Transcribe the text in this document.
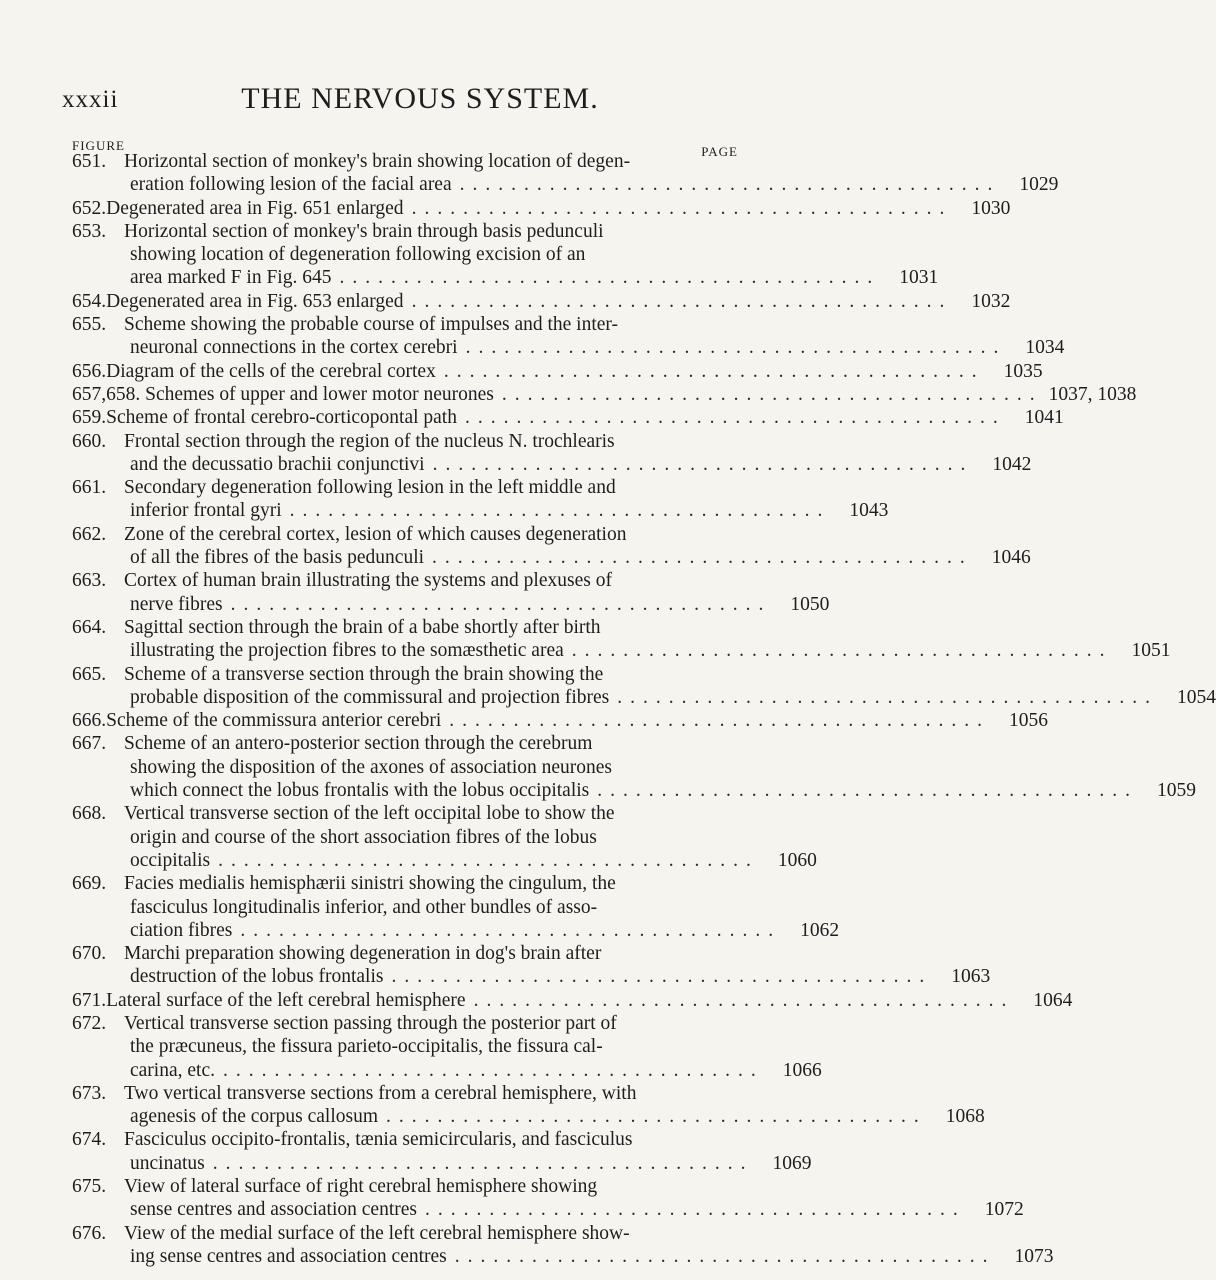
xxxii	THE NERVOUS SYSTEM.
FIGURE	PAGE
651. Horizontal section of monkey's brain showing location of degen-
eration following lesion of the facial area .......................................... 1029
652. Degenerated area in Fig. 651 enlarged .......................................... 1030
653. Horizontal section of monkey's brain through basis pedunculi
showing location of degeneration following excision of an
area marked F in Fig. 645 .......................................... 1031
654. Degenerated area in Fig. 653 enlarged .......................................... 1032
655. Scheme showing the probable course of impulses and the inter-
neuronal connections in the cortex cerebri .......................................... 1034
656. Diagram of the cells of the cerebral cortex .......................................... 1035
657, 658. Schemes of upper and lower motor neurones .......................................... 1037, 1038
659. Scheme of frontal cerebro-corticopontal path .......................................... 1041
660. Frontal section through the region of the nucleus N. trochlearis
and the decussatio brachii conjunctivi .......................................... 1042
661. Secondary degeneration following lesion in the left middle and
inferior frontal gyri .......................................... 1043
662. Zone of the cerebral cortex, lesion of which causes degeneration
of all the fibres of the basis pedunculi .......................................... 1046
663. Cortex of human brain illustrating the systems and plexuses of
nerve fibres .......................................... 1050
664. Sagittal section through the brain of a babe shortly after birth
illustrating the projection fibres to the somæsthetic area .......................................... 1051
665. Scheme of a transverse section through the brain showing the
probable disposition of the commissural and projection fibres .......................................... 1054
666. Scheme of the commissura anterior cerebri .......................................... 1056
667. Scheme of an antero-posterior section through the cerebrum
showing the disposition of the axones of association neurones
which connect the lobus frontalis with the lobus occipitalis .......................................... 1059
668. Vertical transverse section of the left occipital lobe to show the
origin and course of the short association fibres of the lobus
occipitalis .......................................... 1060
669. Facies medialis hemisphærii sinistri showing the cingulum, the
fasciculus longitudinalis inferior, and other bundles of asso-
ciation fibres .......................................... 1062
670. Marchi preparation showing degeneration in dog's brain after
destruction of the lobus frontalis .......................................... 1063
671. Lateral surface of the left cerebral hemisphere .......................................... 1064
672. Vertical transverse section passing through the posterior part of
the præcuneus, the fissura parieto-occipitalis, the fissura cal-
carina, etc. .......................................... 1066
673. Two vertical transverse sections from a cerebral hemisphere, with
agenesis of the corpus callosum .......................................... 1068
674. Fasciculus occipito-frontalis, tænia semicircularis, and fasciculus
uncinatus .......................................... 1069
675. View of lateral surface of right cerebral hemisphere showing
sense centres and association centres .......................................... 1072
676. View of the medial surface of the left cerebral hemisphere show-
ing sense centres and association centres .......................................... 1073
